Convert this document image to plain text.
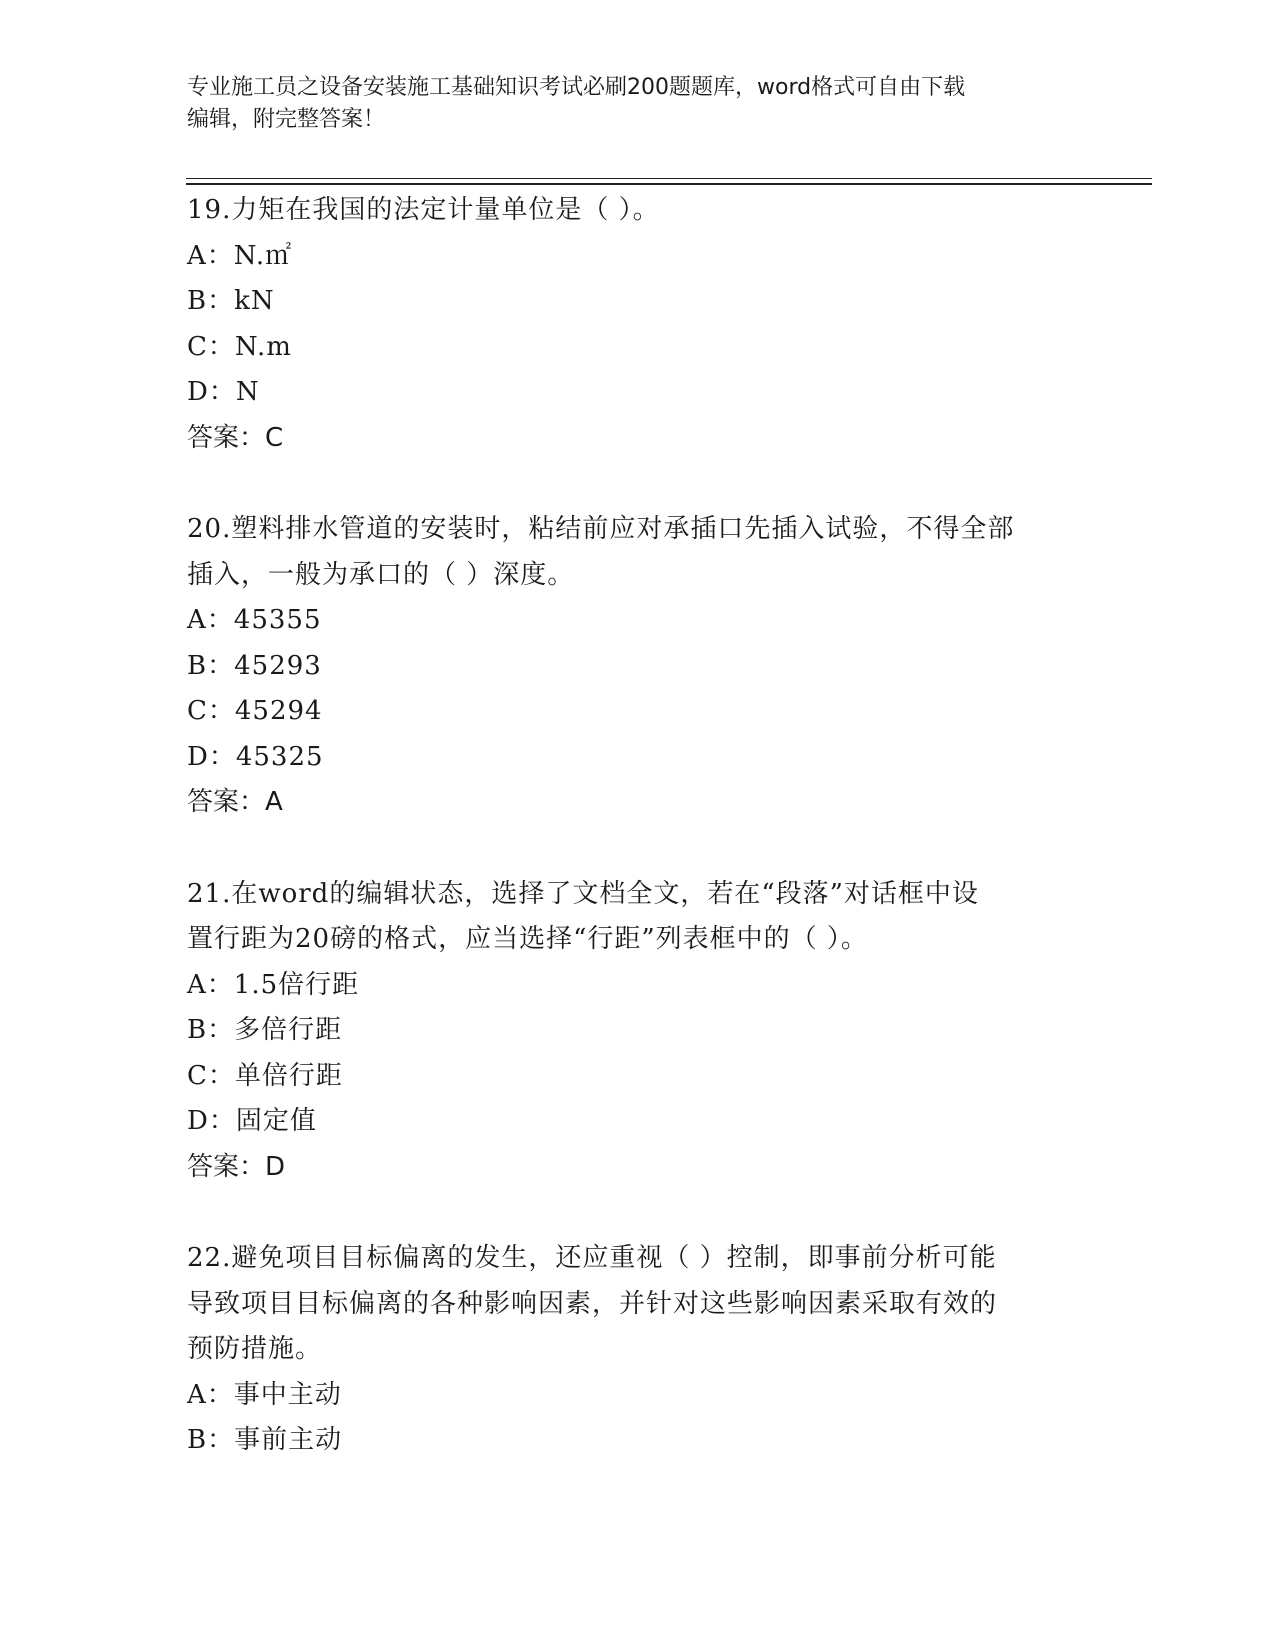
专业施工员之设备安装施工基础知识考试必刷200题题库，word格式可自由下载
编辑，附完整答案！
19.力矩在我国的法定计量单位是（ ）。
A：N.㎡
B：kN
C：N.m
D：N
答案：C
20.塑料排水管道的安装时，粘结前应对承插口先插入试验，不得全部
插入，一般为承口的（ ）深度。
A：45355
B：45293
C：45294
D：45325
答案：A
21.在word的编辑状态，选择了文档全文，若在“段落”对话框中设
置行距为20磅的格式，应当选择“行距”列表框中的（ ）。
A：1.5倍行距
B：多倍行距
C：单倍行距
D：固定值
答案：D
22.避免项目目标偏离的发生，还应重视（ ）控制，即事前分析可能
导致项目目标偏离的各种影响因素，并针对这些影响因素采取有效的
预防措施。
A：事中主动
B：事前主动
